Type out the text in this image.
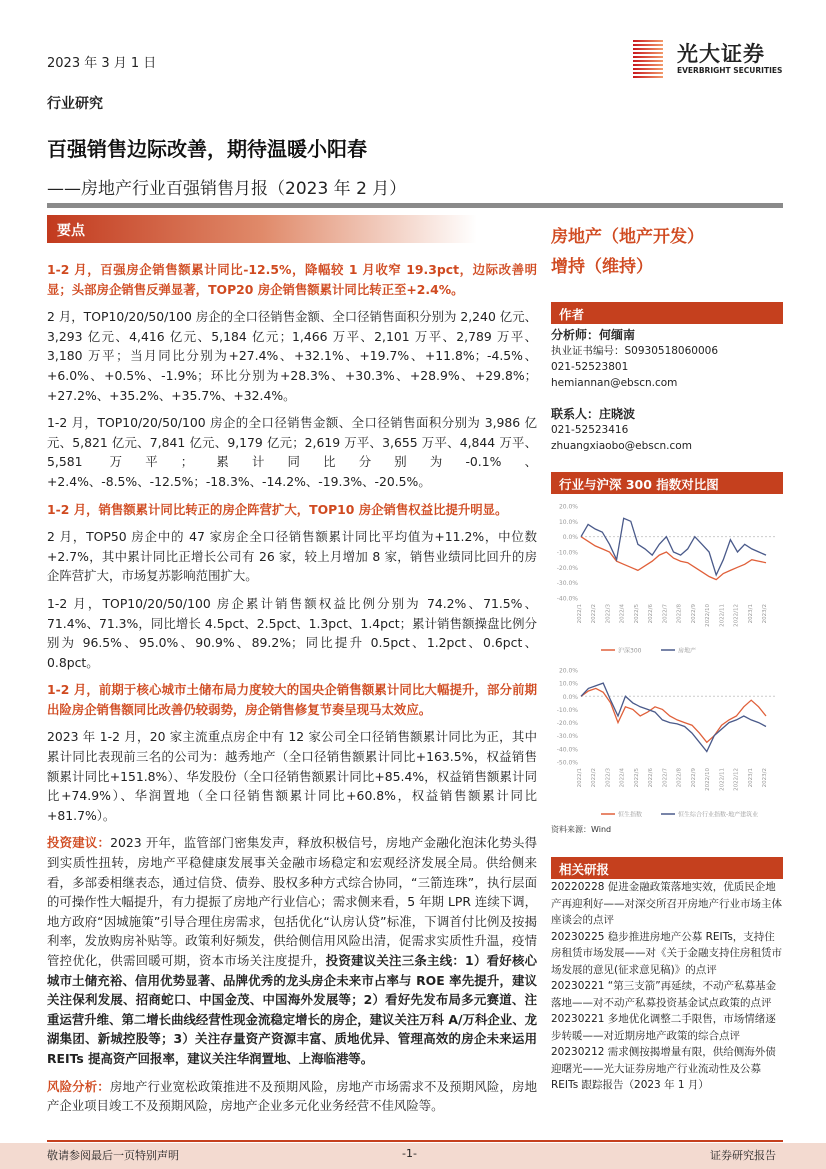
2023 年 3 月 1 日	光大证券
EVERBRIGHT SECURITIES
行业研究
百强销售边际改善，期待温暖小阳春
——房地产行业百强销售月报（2023 年 2 月）
要点

1-2 月，百强房企销售额累计同比-12.5%，降幅较 1 月收窄 19.3pct，边际改善明显；头部房企销售反弹显著，TOP20 房企销售额累计同比转正至+2.4%。

2 月，TOP10/20/50/100 房企的全口径销售金额、全口径销售面积分别为 2,240 亿元、3,293 亿元、4,416 亿元、5,184 亿元；1,466 万平、2,101 万平、2,789 万平、3,180 万平；当月同比分别为+27.4%、+32.1%、+19.7%、+11.8%；-4.5%、+6.0%、+0.5%、-1.9%；环比分别为+28.3%、+30.3%、+28.9%、+29.8%；+27.2%、+35.2%、+35.7%、+32.4%。

1-2 月，TOP10/20/50/100 房企的全口径销售金额、全口径销售面积分别为 3,986 亿元、5,821 亿元、7,841 亿元、9,179 亿元；2,619 万平、3,655 万平、4,844 万平、5,581 万平；累计同比分别为-0.1%、+2.4%、-8.5%、-12.5%；-18.3%、-14.2%、-19.3%、-20.5%。

1-2 月，销售额累计同比转正的房企阵营扩大，TOP10 房企销售权益比提升明显。

2 月，TOP50 房企中的 47 家房企全口径销售额累计同比平均值为+11.2%，中位数+2.7%，其中累计同比正增长公司有 26 家，较上月增加 8 家，销售业绩同比回升的房企阵营扩大，市场复苏影响范围扩大。

1-2 月，TOP10/20/50/100 房企累计销售额权益比例分别为 74.2%、71.5%、71.4%、71.3%，同比增长 4.5pct、2.5pct、1.3pct、1.4pct；累计销售额操盘比例分别为 96.5%、95.0%、90.9%、89.2%；同比提升 0.5pct、1.2pct、0.6pct、0.8pct。

1-2 月，前期于核心城市土储布局力度较大的国央企销售额累计同比大幅提升，部分前期出险房企销售额同比改善仍较弱势，房企销售修复节奏呈现马太效应。

2023 年 1-2 月，20 家主流重点房企中有 12 家公司全口径销售额累计同比为正，其中累计同比表现前三名的公司为：越秀地产（全口径销售额累计同比+163.5%，权益销售额累计同比+151.8%）、华发股份（全口径销售额累计同比+85.4%，权益销售额累计同比+74.9%）、华润置地（全口径销售额累计同比+60.8%，权益销售额累计同比+81.7%）。

投资建议：2023 开年，监管部门密集发声，释放积极信号，房地产金融化泡沫化势头得到实质性扭转，房地产平稳健康发展事关金融市场稳定和宏观经济发展全局。供给侧来看，多部委相继表态，通过信贷、债券、股权多种方式综合协同，“三箭连珠”，执行层面的可操作性大幅提升，有力提振了房地产行业信心；需求侧来看，5 年期 LPR 连续下调，地方政府“因城施策”引导合理住房需求，包括优化“认房认贷”标准，下调首付比例及按揭利率，发放购房补贴等。政策利好频发，供给侧信用风险出清，促需求实质性升温，疫情管控优化，供需回暖可期，资本市场关注度提升，投资建议关注三条主线：1）看好核心城市土储充裕、信用优势显著、品牌优秀的龙头房企未来市占率与 ROE 率先提升，建议关注保利发展、招商蛇口、中国金茂、中国海外发展等；2）看好先发布局多元赛道、注重运营升维、第二增长曲线经营性现金流稳定增长的房企，建议关注万科 A/万科企业、龙湖集团、新城控股等；3）关注存量资产资源丰富、质地优异、管理高效的房企未来运用 REITs 提高资产回报率，建议关注华润置地、上海临港等。

风险分析：房地产行业宽松政策推进不及预期风险，房地产市场需求不及预期风险，房地产企业项目竣工不及预期风险，房地产企业多元化业务经营不佳风险等。

房地产（地产开发）
增持（维持）
作者
分析师：何缅南
执业证书编号：S0930518060006
021-52523801
hemiannan@ebscn.com
联系人：庄晓波
021-52523416
zhuangxiaobo@ebscn.com
行业与沪深 300 指数对比图
20.0%
10.0%
0.0%
-10.0%
-20.0%
-30.0%
-40.0%
2022/1 2022/2 2022/3 2022/4 2022/5 2022/6 2022/7 2022/8 2022/9 2022/10 2022/11 2022/12 2023/1 2023/2
沪深300	房地产
20.0%
10.0%
0.0%
-10.0%
-20.0%
-30.0%
-40.0%
-50.0%
2022/1 2022/2 2022/3 2022/4 2022/5 2022/6 2022/7 2022/8 2022/9 2022/10 2022/11 2022/12 2023/1 2023/2
恒生指数	恒生综合行业指数-地产建筑业
资料来源：Wind
相关研报
20220228 促进金融政策落地实效，优质民企地产再迎利好——对深交所召开房地产行业市场主体座谈会的点评
20230225 稳步推进房地产公募 REITs，支持住房租赁市场发展——对《关于金融支持住房租赁市场发展的意见(征求意见稿)》的点评
20230221 “第三支箭”再延续，不动产私募基金落地——对不动产私募投资基金试点政策的点评
20230221 多地优化调整二手限售，市场情绪逐步转暖——对近期房地产政策的综合点评
20230212 需求侧按揭增量有限，供给侧海外债迎曙光——光大证券房地产行业流动性及公募REITs 跟踪报告（2023 年 1 月）
敬请参阅最后一页特别声明	-1-	证券研究报告
